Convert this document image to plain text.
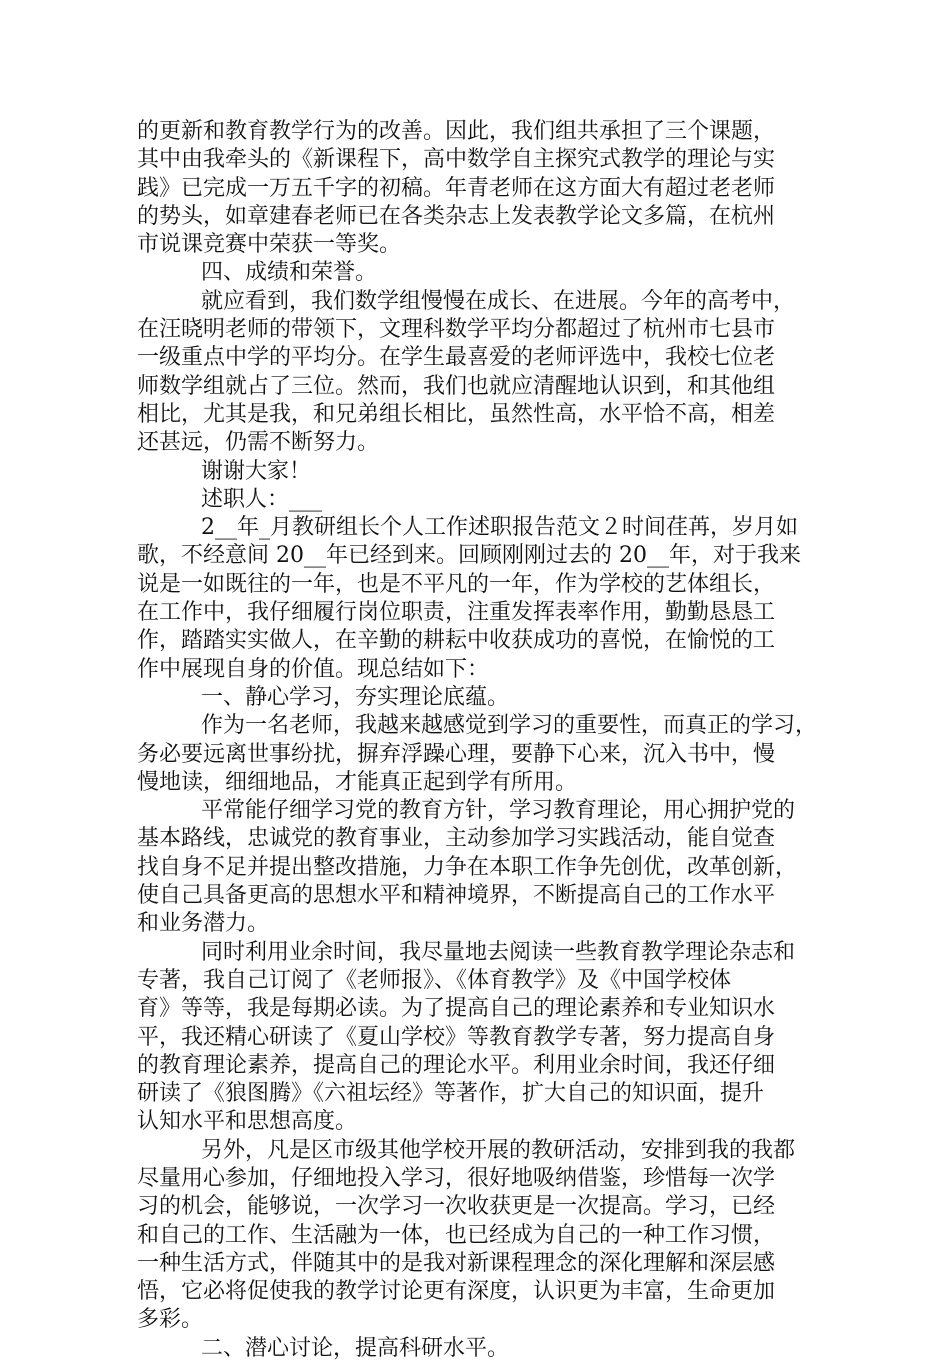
的更新和教育教学行为的改善。因此，我们组共承担了三个课题，
其中由我牵头的《新课程下，高中数学自主探究式教学的理论与实
践》已完成一万五千字的初稿。年青老师在这方面大有超过老老师
的势头，如章建春老师已在各类杂志上发表教学论文多篇，在杭州
市说课竞赛中荣获一等奖。
四、成绩和荣誉。
就应看到，我们数学组慢慢在成长、在进展。今年的高考中，
在汪晓明老师的带领下，文理科数学平均分都超过了杭州市七县市
一级重点中学的平均分。在学生最喜爱的老师评选中，我校七位老
师数学组就占了三位。然而，我们也就应清醒地认识到，和其他组
相比，尤其是我，和兄弟组长相比，虽然性高，水平恰不高，相差
还甚远，仍需不断努力。
谢谢大家！
述职人：___
2__年_月教研组长个人工作述职报告范文２时间荏苒，岁月如
歌，不经意间 20__年已经到来。回顾刚刚过去的 20__年，对于我来
说是一如既往的一年，也是不平凡的一年，作为学校的艺体组长，
在工作中，我仔细履行岗位职责，注重发挥表率作用，勤勤恳恳工
作，踏踏实实做人，在辛勤的耕耘中收获成功的喜悦，在愉悦的工
作中展现自身的价值。现总结如下：
一、静心学习，夯实理论底蕴。
作为一名老师，我越来越感觉到学习的重要性，而真正的学习，
务必要远离世事纷扰，摒弃浮躁心理，要静下心来，沉入书中，慢
慢地读，细细地品，才能真正起到学有所用。
平常能仔细学习党的教育方针，学习教育理论，用心拥护党的
基本路线，忠诚党的教育事业，主动参加学习实践活动，能自觉查
找自身不足并提出整改措施，力争在本职工作争先创优，改革创新，
使自己具备更高的思想水平和精神境界，不断提高自己的工作水平
和业务潜力。
同时利用业余时间，我尽量地去阅读一些教育教学理论杂志和
专著，我自己订阅了《老师报》、《体育教学》及《中国学校体
育》等等，我是每期必读。为了提高自己的理论素养和专业知识水
平，我还精心研读了《夏山学校》等教育教学专著，努力提高自身
的教育理论素养，提高自己的理论水平。利用业余时间，我还仔细
研读了《狼图腾》《六祖坛经》等著作，扩大自己的知识面，提升
认知水平和思想高度。
另外，凡是区市级其他学校开展的教研活动，安排到我的我都
尽量用心参加，仔细地投入学习，很好地吸纳借鉴，珍惜每一次学
习的机会，能够说，一次学习一次收获更是一次提高。学习，已经
和自己的工作、生活融为一体，也已经成为自己的一种工作习惯，
一种生活方式，伴随其中的是我对新课程理念的深化理解和深层感
悟，它必将促使我的教学讨论更有深度，认识更为丰富，生命更加
多彩。
二、潜心讨论，提高科研水平。
